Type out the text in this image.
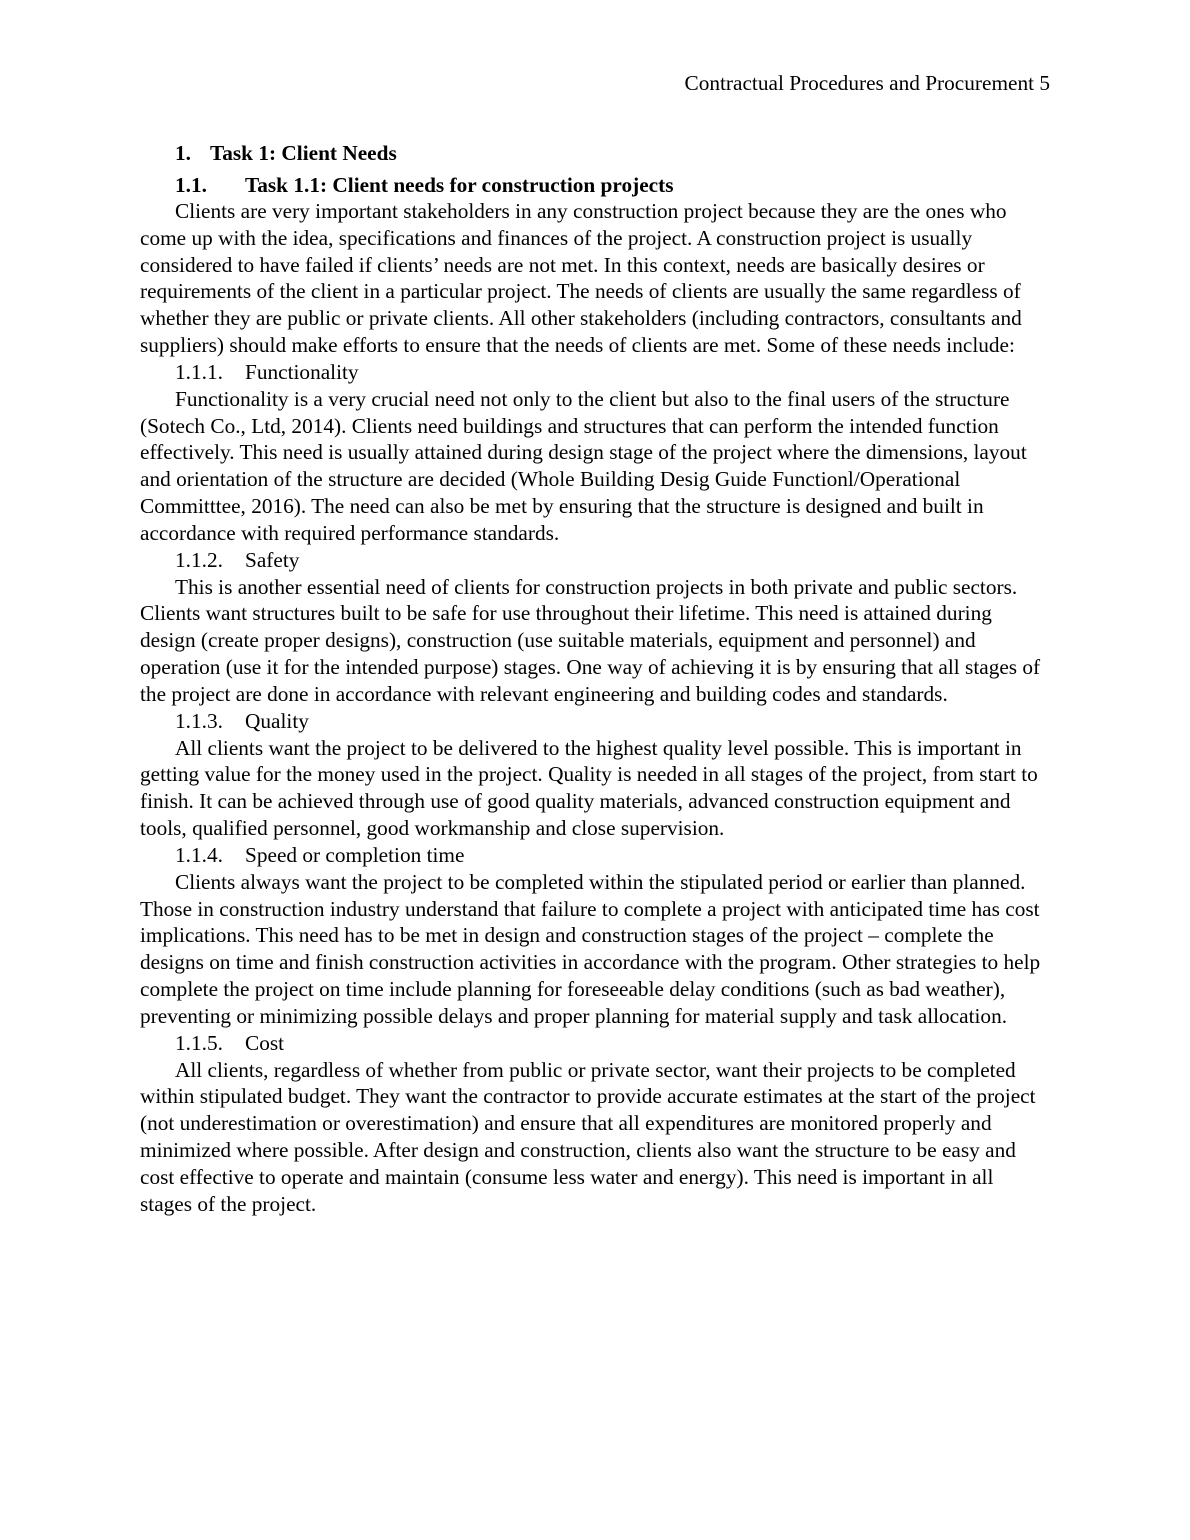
Contractual Procedures and Procurement 5
1. Task 1: Client Needs
1.1.	Task 1.1: Client needs for construction projects

Clients are very important stakeholders in any construction project because they are the ones who come up with the idea, specifications and finances of the project. A construction project is usually considered to have failed if clients’ needs are not met. In this context, needs are basically desires or requirements of the client in a particular project. The needs of clients are usually the same regardless of whether they are public or private clients. All other stakeholders (including contractors, consultants and suppliers) should make efforts to ensure that the needs of clients are met. Some of these needs include:

1.1.1.	Functionality

Functionality is a very crucial need not only to the client but also to the final users of the structure (Sotech Co., Ltd, 2014). Clients need buildings and structures that can perform the intended function effectively. This need is usually attained during design stage of the project where the dimensions, layout and orientation of the structure are decided (Whole Building Desig Guide Functionl/Operational Committtee, 2016). The need can also be met by ensuring that the structure is designed and built in accordance with required performance standards.

1.1.2.	Safety

This is another essential need of clients for construction projects in both private and public sectors. Clients want structures built to be safe for use throughout their lifetime. This need is attained during design (create proper designs), construction (use suitable materials, equipment and personnel) and operation (use it for the intended purpose) stages. One way of achieving it is by ensuring that all stages of the project are done in accordance with relevant engineering and building codes and standards.

1.1.3.	Quality

All clients want the project to be delivered to the highest quality level possible. This is important in getting value for the money used in the project. Quality is needed in all stages of the project, from start to finish. It can be achieved through use of good quality materials, advanced construction equipment and tools, qualified personnel, good workmanship and close supervision.

1.1.4.	Speed or completion time

Clients always want the project to be completed within the stipulated period or earlier than planned. Those in construction industry understand that failure to complete a project with anticipated time has cost implications. This need has to be met in design and construction stages of the project – complete the designs on time and finish construction activities in accordance with the program. Other strategies to help complete the project on time include planning for foreseeable delay conditions (such as bad weather), preventing or minimizing possible delays and proper planning for material supply and task allocation.

1.1.5.	Cost

All clients, regardless of whether from public or private sector, want their projects to be completed within stipulated budget. They want the contractor to provide accurate estimates at the start of the project (not underestimation or overestimation) and ensure that all expenditures are monitored properly and minimized where possible. After design and construction, clients also want the structure to be easy and cost effective to operate and maintain (consume less water and energy). This need is important in all stages of the project.
